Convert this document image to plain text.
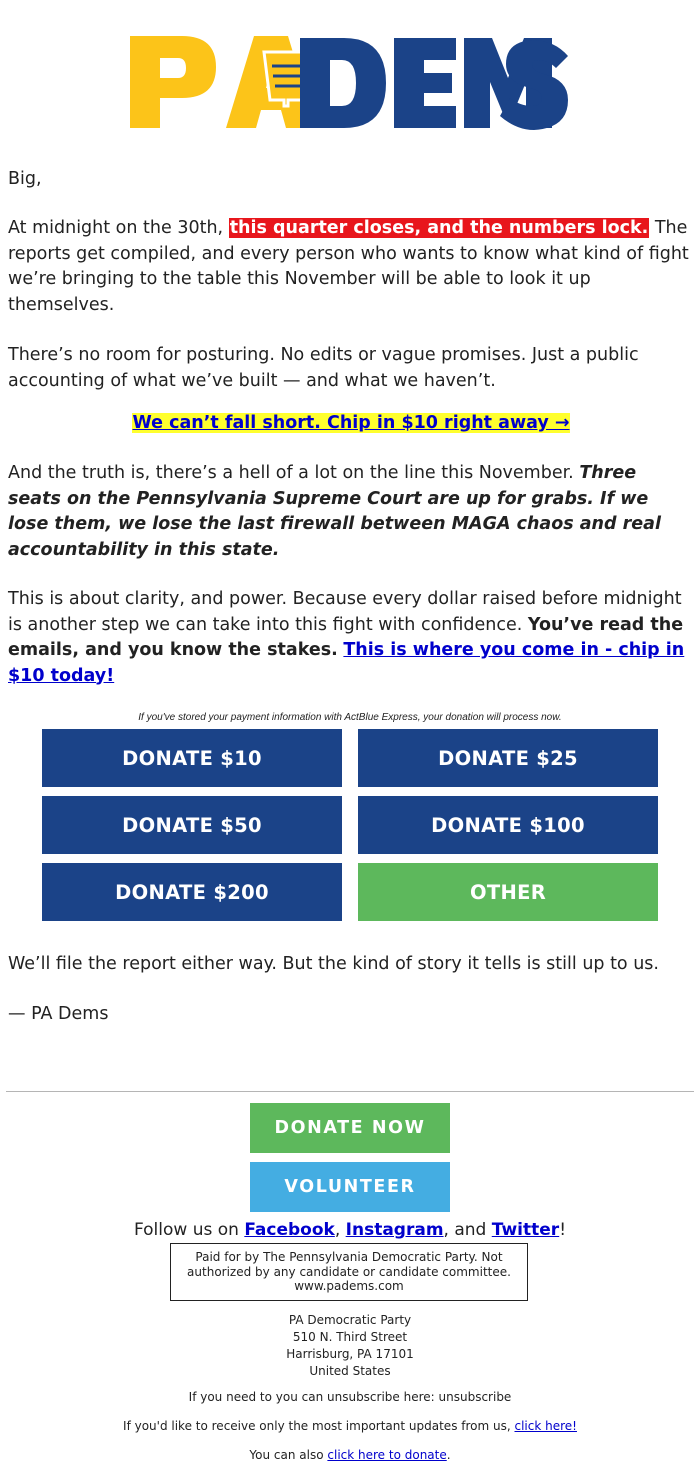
Big,

At midnight on the 30th, this quarter closes, and the numbers lock. The reports get compiled, and every person who wants to know what kind of fight we’re bringing to the table this November will be able to look it up themselves.

There’s no room for posturing. No edits or vague promises. Just a public accounting of what we’ve built — and what we haven’t.

We can’t fall short. Chip in $10 right away →

And the truth is, there’s a hell of a lot on the line this November. Three seats on the Pennsylvania Supreme Court are up for grabs. If we lose them, we lose the last firewall between MAGA chaos and real accountability in this state.

This is about clarity, and power. Because every dollar raised before midnight is another step we can take into this fight with confidence. You’ve read the emails, and you know the stakes. This is where you come in - chip in $10 today!

If you've stored your payment information with ActBlue Express, your donation will process now.
DONATE $10	DONATE $25
DONATE $50	DONATE $100
DONATE $200	OTHER

We’ll file the report either way. But the kind of story it tells is still up to us.

— PA Dems

DONATE NOW
VOLUNTEER
Follow us on Facebook, Instagram, and Twitter!
Paid for by The Pennsylvania Democratic Party. Not authorized by any candidate or candidate committee. www.padems.com
PA Democratic Party
510 N. Third Street
Harrisburg, PA 17101
United States
If you need to you can unsubscribe here: unsubscribe
If you'd like to receive only the most important updates from us, click here!
You can also click here to donate.
